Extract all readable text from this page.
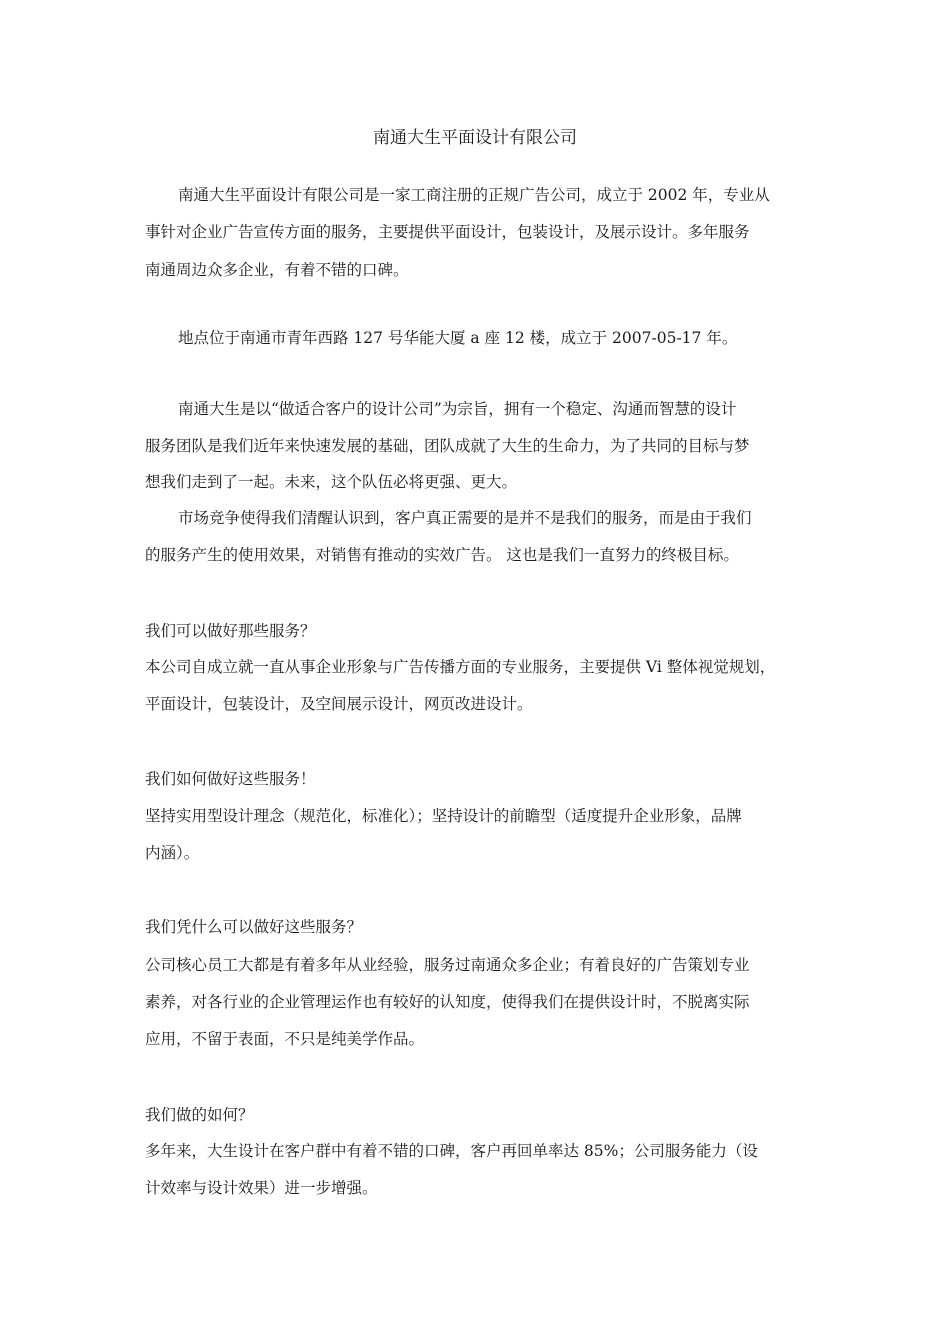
南通大生平面设计有限公司
南通大生平面设计有限公司是一家工商注册的正规广告公司，成立于 2002 年，专业从
事针对企业广告宣传方面的服务，主要提供平面设计，包装设计，及展示设计。多年服务
南通周边众多企业，有着不错的口碑。
地点位于南通市青年西路 127 号华能大厦 a 座 12 楼，成立于 2007-05-17 年。
南通大生是以“做适合客户的设计公司”为宗旨，拥有一个稳定、沟通而智慧的设计
服务团队是我们近年来快速发展的基础，团队成就了大生的生命力，为了共同的目标与梦
想我们走到了一起。未来，这个队伍必将更强、更大。
市场竞争使得我们清醒认识到，客户真正需要的是并不是我们的服务，而是由于我们
的服务产生的使用效果，对销售有推动的实效广告。 这也是我们一直努力的终极目标。
我们可以做好那些服务？
本公司自成立就一直从事企业形象与广告传播方面的专业服务，主要提供 Vi 整体视觉规划，
平面设计，包装设计，及空间展示设计，网页改进设计。
我们如何做好这些服务！
坚持实用型设计理念（规范化，标准化）；坚持设计的前瞻型（适度提升企业形象，品牌
内涵）。
我们凭什么可以做好这些服务？
公司核心员工大都是有着多年从业经验，服务过南通众多企业；有着良好的广告策划专业
素养，对各行业的企业管理运作也有较好的认知度，使得我们在提供设计时，不脱离实际
应用，不留于表面，不只是纯美学作品。
我们做的如何？
多年来，大生设计在客户群中有着不错的口碑，客户再回单率达 85%；公司服务能力（设
计效率与设计效果）进一步增强。
